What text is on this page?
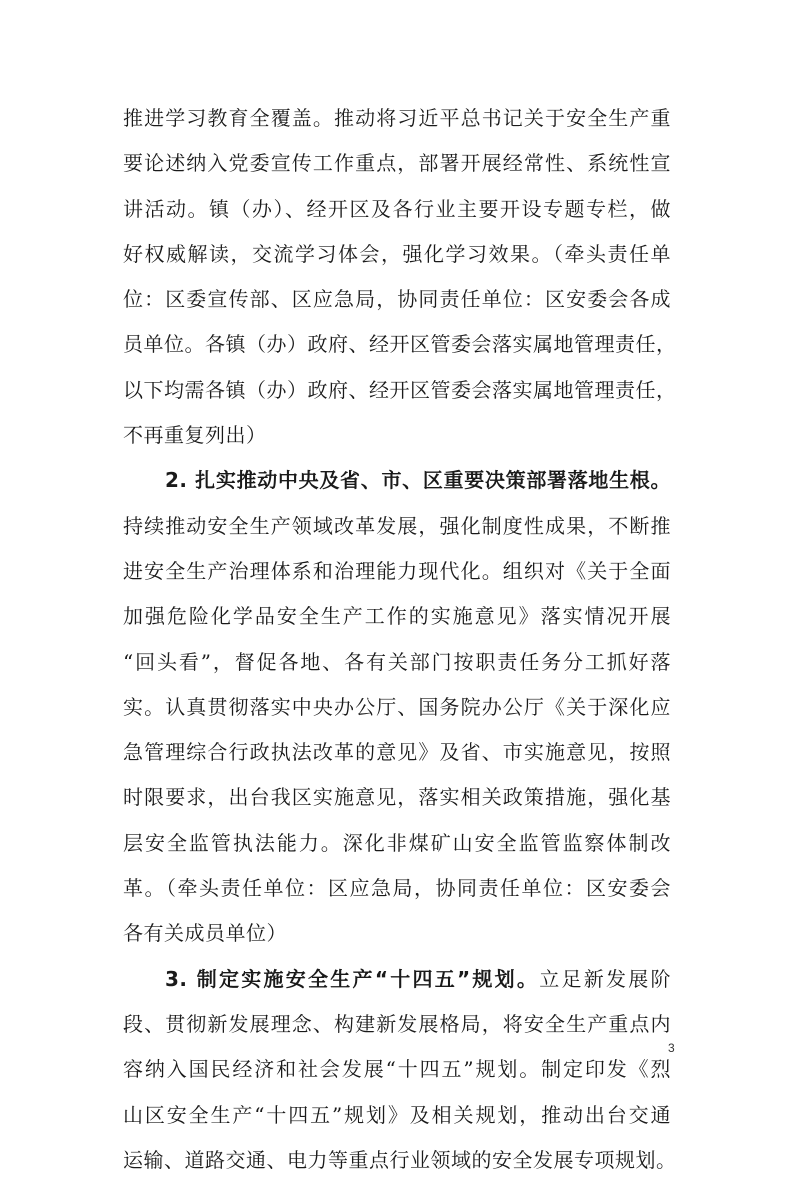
推进学习教育全覆盖。推动将习近平总书记关于安全生产重
要论述纳入党委宣传工作重点，部署开展经常性、系统性宣
讲活动。镇（办）、经开区及各行业主要开设专题专栏，做
好权威解读，交流学习体会，强化学习效果。（牵头责任单
位：区委宣传部、区应急局，协同责任单位：区安委会各成
员单位。各镇（办）政府、经开区管委会落实属地管理责任，
以下均需各镇（办）政府、经开区管委会落实属地管理责任，
不再重复列出）
2. 扎实推动中央及省、市、区重要决策部署落地生根。
持续推动安全生产领域改革发展，强化制度性成果，不断推
进安全生产治理体系和治理能力现代化。组织对《关于全面
加强危险化学品安全生产工作的实施意见》落实情况开展
“回头看”，督促各地、各有关部门按职责任务分工抓好落
实。认真贯彻落实中央办公厅、国务院办公厅《关于深化应
急管理综合行政执法改革的意见》及省、市实施意见，按照
时限要求，出台我区实施意见，落实相关政策措施，强化基
层安全监管执法能力。深化非煤矿山安全监管监察体制改
革。（牵头责任单位：区应急局，协同责任单位：区安委会
各有关成员单位）
3. 制定实施安全生产“十四五”规划。立足新发展阶
段、贯彻新发展理念、构建新发展格局，将安全生产重点内
容纳入国民经济和社会发展“十四五”规划。制定印发《烈
山区安全生产“十四五”规划》及相关规划，推动出台交通
运输、道路交通、电力等重点行业领域的安全发展专项规划。
3
